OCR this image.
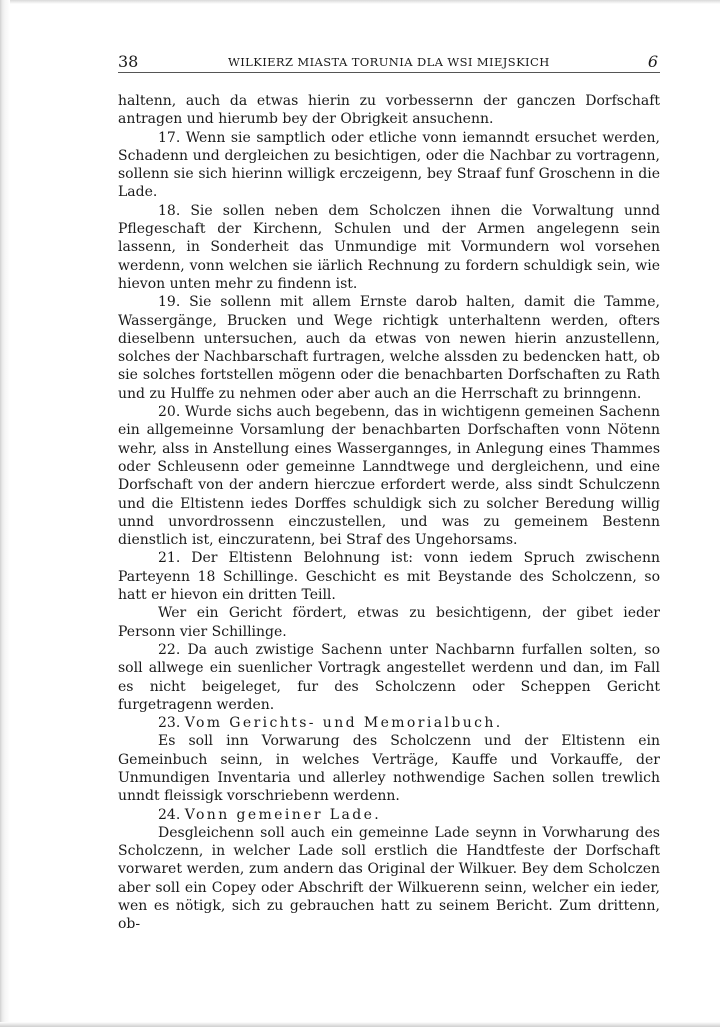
38	WILKIERZ MIASTA TORUNIA DLA WSI MIEJSKICH	6

haltenn, auch da etwas hierin zu vorbessernn der ganczen Dorfschaft antragen und hierumb bey der Obrigkeit ansuchenn.

17. Wenn sie samptlich oder etliche vonn iemanndt ersuchet werden, Schadenn und dergleichen zu besichtigen, oder die Nachbar zu vortragenn, sollenn sie sich hierinn willigk erczeigenn, bey Straaf funf Groschenn in die Lade.

18. Sie sollen neben dem Scholczen ihnen die Vorwaltung unnd Pflegeschaft der Kirchenn, Schulen und der Armen angelegenn sein lassenn, in Sonderheit das Unmundige mit Vormundern wol vorsehen werdenn, vonn welchen sie iärlich Rechnung zu fordern schuldigk sein, wie hievon unten mehr zu findenn ist.

19. Sie sollenn mit allem Ernste darob halten, damit die Tamme, Wassergänge, Brucken und Wege richtigk unterhaltenn werden, ofters dieselbenn untersuchen, auch da etwas von newen hierin anzustellenn, solches der Nachbarschaft furtragen, welche alssden zu bedencken hatt, ob sie solches fortstellen mögenn oder die benachbarten Dorfschaften zu Rath und zu Hulffe zu nehmen oder aber auch an die Herrschaft zu brinngenn.

20. Wurde sichs auch begebenn, das in wichtigenn gemeinen Sachenn ein allgemeinne Vorsamlung der benachbarten Dorfschaften vonn Nötenn wehr, alss in Anstellung eines Wassergannges, in Anlegung eines Thammes oder Schleusenn oder gemeinne Lanndtwege und dergleichenn, und eine Dorfschaft von der andern hierczue erfordert werde, alss sindt Schulczenn und die Eltistenn iedes Dorffes schuldigk sich zu solcher Beredung willig unnd unvordrossenn einczustellen, und was zu gemeinem Bestenn dienstlich ist, einczuratenn, bei Straf des Ungehorsams.

21. Der Eltistenn Belohnung ist: vonn iedem Spruch zwischenn Parteyenn 18 Schillinge. Geschicht es mit Beystande des Scholczenn, so hatt er hievon ein dritten Teill.

Wer ein Gericht fördert, etwas zu besichtigenn, der gibet ieder Personn vier Schillinge.

22. Da auch zwistige Sachenn unter Nachbarnn furfallen solten, so soll allwege ein suenlicher Vortragk angestellet werdenn und dan, im Fall es nicht beigeleget, fur des Scholczenn oder Scheppen Gericht furgetragenn werden.

23. Vom Gerichts- und Memorialbuch.

Es soll inn Vorwarung des Scholczenn und der Eltistenn ein Gemeinbuch seinn, in welches Verträge, Kauffe und Vorkauffe, der Unmundigen Inventaria und allerley nothwendige Sachen sollen trewlich unndt fleissigk vorschriebenn werdenn.

24. Vonn gemeiner Lade.

Desgleichenn soll auch ein gemeinne Lade seynn in Vorwharung des Scholczenn, in welcher Lade soll erstlich die Handtfeste der Dorfschaft vorwaret werden, zum andern das Original der Wilkuer. Bey dem Scholczen aber soll ein Copey oder Abschrift der Wilkuerenn seinn, welcher ein ieder, wen es nötigk, sich zu gebrauchen hatt zu seinem Bericht. Zum drittenn, ob-
